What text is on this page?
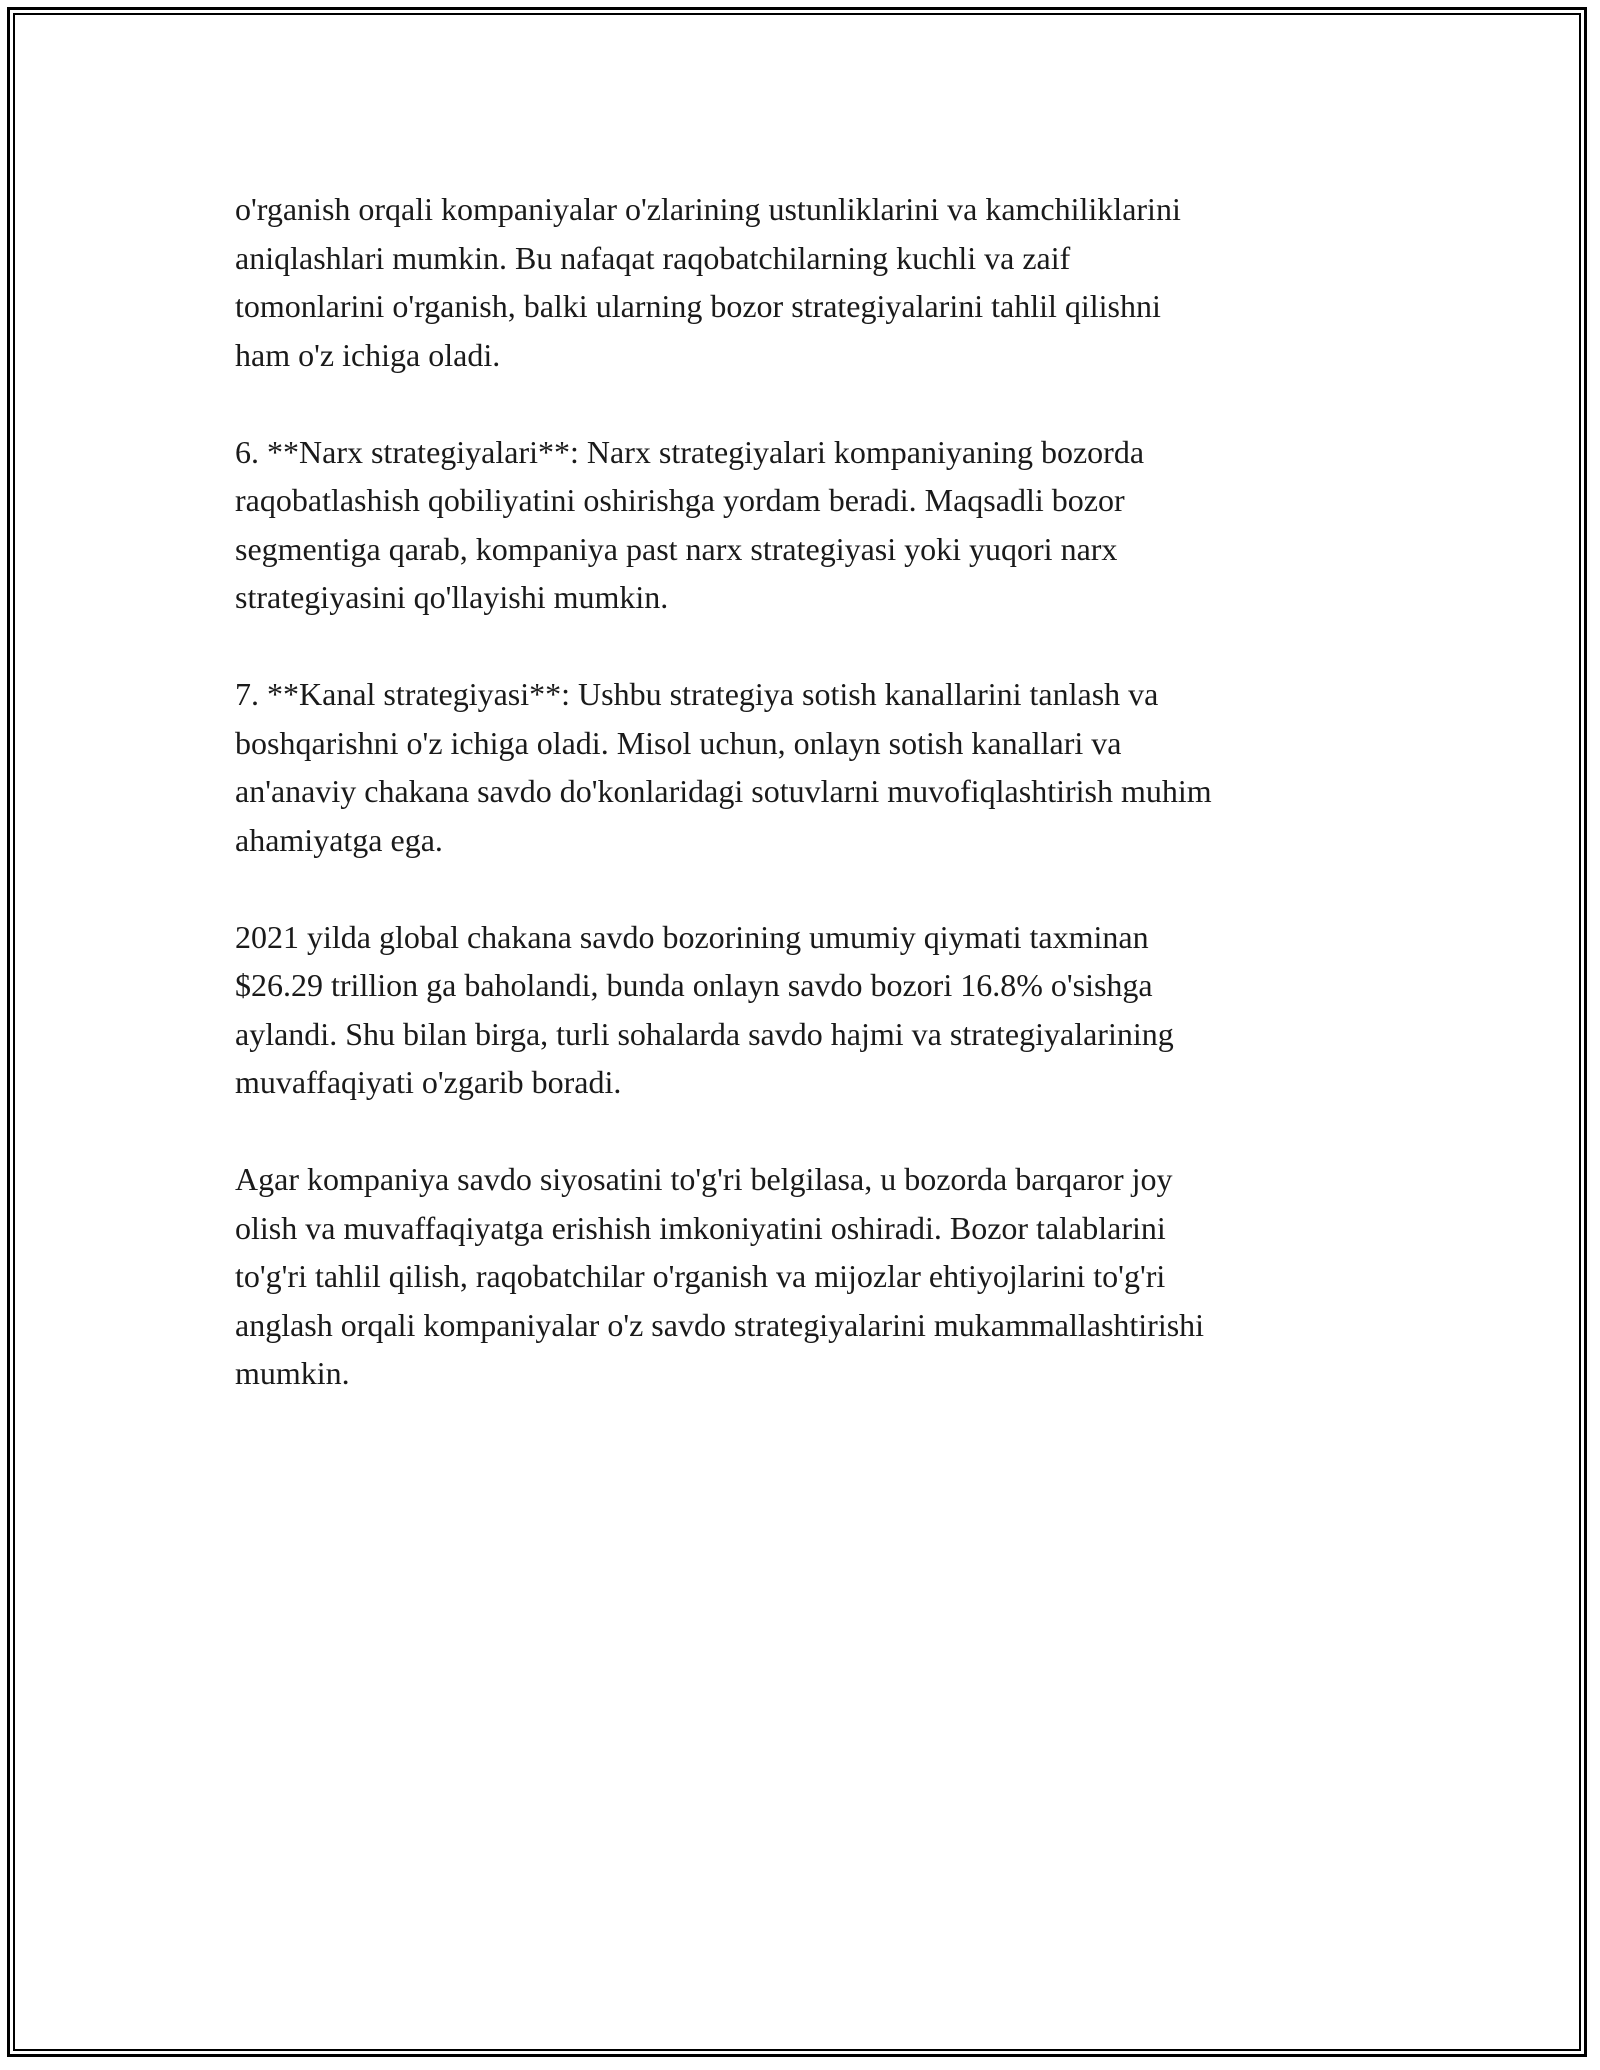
o'rganish orqali kompaniyalar o'zlarining ustunliklarini va kamchiliklarini
aniqlashlari mumkin. Bu nafaqat raqobatchilarning kuchli va zaif
tomonlarini o'rganish, balki ularning bozor strategiyalarini tahlil qilishni
ham o'z ichiga oladi.

6. **Narx strategiyalari**: Narx strategiyalari kompaniyaning bozorda
raqobatlashish qobiliyatini oshirishga yordam beradi. Maqsadli bozor
segmentiga qarab, kompaniya past narx strategiyasi yoki yuqori narx
strategiyasini qo'llayishi mumkin.

7. **Kanal strategiyasi**: Ushbu strategiya sotish kanallarini tanlash va
boshqarishni o'z ichiga oladi. Misol uchun, onlayn sotish kanallari va
an'anaviy chakana savdo do'konlaridagi sotuvlarni muvofiqlashtirish muhim
ahamiyatga ega.

2021 yilda global chakana savdo bozorining umumiy qiymati taxminan
$26.29 trillion ga baholandi, bunda onlayn savdo bozori 16.8% o'sishga
aylandi. Shu bilan birga, turli sohalarda savdo hajmi va strategiyalarining
muvaffaqiyati o'zgarib boradi.

Agar kompaniya savdo siyosatini to'g'ri belgilasa, u bozorda barqaror joy
olish va muvaffaqiyatga erishish imkoniyatini oshiradi. Bozor talablarini
to'g'ri tahlil qilish, raqobatchilar o'rganish va mijozlar ehtiyojlarini to'g'ri
anglash orqali kompaniyalar o'z savdo strategiyalarini mukammallashtirishi
mumkin.
